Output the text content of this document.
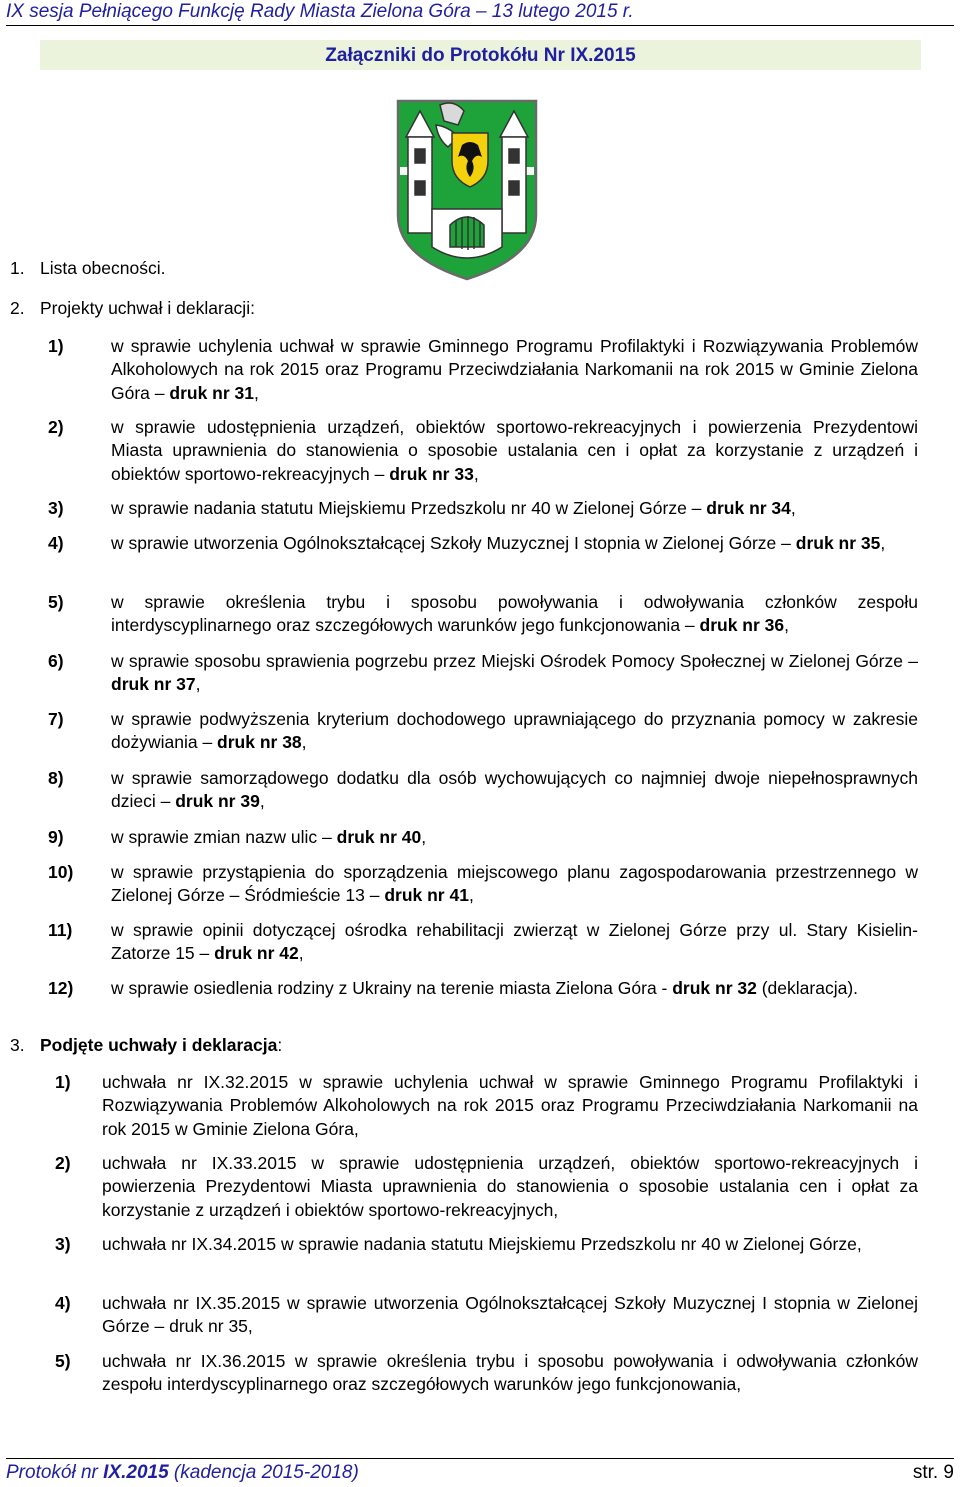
IX sesja Pełniącego Funkcję Rady Miasta Zielona Góra – 13 lutego 2015 r.
Załączniki do Protokółu Nr IX.2015
1. Lista obecności.
2. Projekty uchwał i deklaracji:
1)	w sprawie uchylenia uchwał w sprawie Gminnego Programu Profilaktyki i Rozwiązywania Problemów Alkoholowych na rok 2015 oraz Programu Przeciwdziałania Narkomanii na rok 2015 w Gminie Zielona Góra – druk nr 31,
2)	w sprawie udostępnienia urządzeń, obiektów sportowo-rekreacyjnych i powierzenia Prezydentowi Miasta uprawnienia do stanowienia o sposobie ustalania cen i opłat za korzystanie z urządzeń i obiektów sportowo-rekreacyjnych – druk nr 33,
3)	w sprawie nadania statutu Miejskiemu Przedszkolu nr 40 w Zielonej Górze – druk nr 34,
4)	w sprawie utworzenia Ogólnokształcącej Szkoły Muzycznej I stopnia w Zielonej Górze – druk nr 35,
5)	w sprawie określenia trybu i sposobu powoływania i odwoływania członków zespołu interdyscyplinarnego oraz szczegółowych warunków jego funkcjonowania – druk nr 36,
6)	w sprawie sposobu sprawienia pogrzebu przez Miejski Ośrodek Pomocy Społecznej w Zielonej Górze – druk nr 37,
7)	w sprawie podwyższenia kryterium dochodowego uprawniającego do przyznania pomocy w zakresie dożywiania – druk nr 38,
8)	w sprawie samorządowego dodatku dla osób wychowujących co najmniej dwoje niepełnosprawnych dzieci – druk nr 39,
9)	w sprawie zmian nazw ulic – druk nr 40,
10) w sprawie przystąpienia do sporządzenia miejscowego planu zagospodarowania przestrzennego w Zielonej Górze – Śródmieście 13 – druk nr 41,
11) w sprawie opinii dotyczącej ośrodka rehabilitacji zwierząt w Zielonej Górze przy ul. Stary Kisielin-Zatorze 15 – druk nr 42,
12) w sprawie osiedlenia rodziny z Ukrainy na terenie miasta Zielona Góra - druk nr 32 (deklaracja).
3. Podjęte uchwały i deklaracja:
1) uchwała nr IX.32.2015 w sprawie uchylenia uchwał w sprawie Gminnego Programu Profilaktyki i Rozwiązywania Problemów Alkoholowych na rok 2015 oraz Programu Przeciwdziałania Narkomanii na rok 2015 w Gminie Zielona Góra,
2) uchwała nr IX.33.2015 w sprawie udostępnienia urządzeń, obiektów sportowo-rekreacyjnych i powierzenia Prezydentowi Miasta uprawnienia do stanowienia o sposobie ustalania cen i opłat za korzystanie z urządzeń i obiektów sportowo-rekreacyjnych,
3) uchwała nr IX.34.2015 w sprawie nadania statutu Miejskiemu Przedszkolu nr 40 w Zielonej Górze,
4) uchwała nr IX.35.2015 w sprawie utworzenia Ogólnokształcącej Szkoły Muzycznej I stopnia w Zielonej Górze – druk nr 35,
5) uchwała nr IX.36.2015 w sprawie określenia trybu i sposobu powoływania i odwoływania członków zespołu interdyscyplinarnego oraz szczegółowych warunków jego funkcjonowania,
Protokół nr IX.2015 (kadencja 2015-2018)	str. 9
